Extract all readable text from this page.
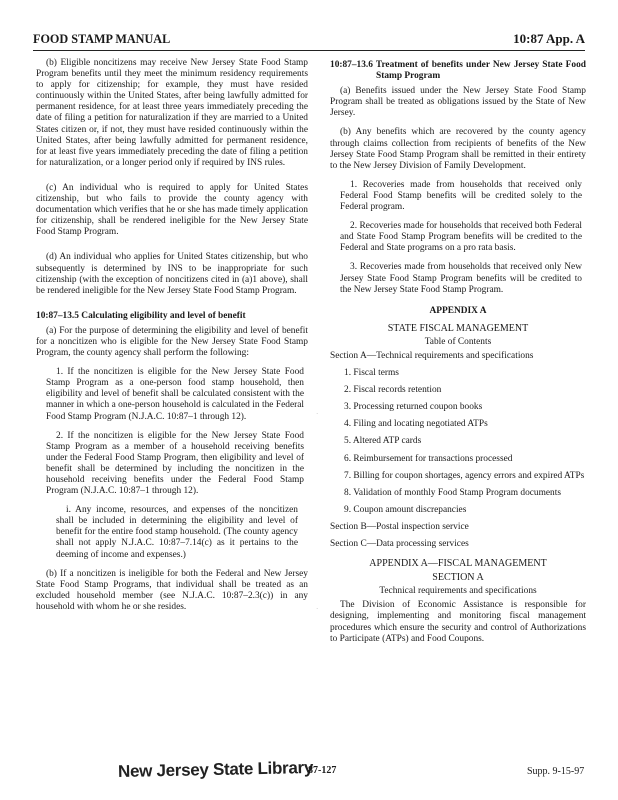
FOOD STAMP MANUAL	10:87 App. A

(b) Eligible noncitizens may receive New Jersey State Food Stamp Program benefits until they meet the minimum residency requirements to apply for citizenship; for example, they must have resided continuously within the United States, after being lawfully admitted for permanent residence, for at least three years immediately preceding the date of filing a petition for naturalization if they are married to a United States citizen or, if not, they must have resided continuously within the United States, after being lawfully admitted for permanent residence, for at least five years immediately preceding the date of filing a petition for naturalization, or a longer period only if required by INS rules.

(c) An individual who is required to apply for United States citizenship, but who fails to provide the county agency with documentation which verifies that he or she has made timely application for citizenship, shall be rendered ineligible for the New Jersey State Food Stamp Program.

(d) An individual who applies for United States citizenship, but who subsequently is determined by INS to be inappropriate for such citizenship (with the exception of noncitizens cited in (a)1 above), shall be rendered ineligible for the New Jersey State Food Stamp Program.

10:87–13.5 Calculating eligibility and level of benefit

(a) For the purpose of determining the eligibility and level of benefit for a noncitizen who is eligible for the New Jersey State Food Stamp Program, the county agency shall perform the following:

1. If the noncitizen is eligible for the New Jersey State Food Stamp Program as a one-person food stamp household, then eligibility and level of benefit shall be calculated consistent with the manner in which a one-person household is calculated in the Federal Food Stamp Program (N.J.A.C. 10:87–1 through 12).

2. If the noncitizen is eligible for the New Jersey State Food Stamp Program as a member of a household receiving benefits under the Federal Food Stamp Program, then eligibility and level of benefit shall be determined by including the noncitizen in the household receiving benefits under the Federal Food Stamp Program (N.J.A.C. 10:87–1 through 12).

i. Any income, resources, and expenses of the noncitizen shall be included in determining the eligibility and level of benefit for the entire food stamp household. (The county agency shall not apply N.J.A.C. 10:87–7.14(c) as it pertains to the deeming of income and expenses.)

(b) If a noncitizen is ineligible for both the Federal and New Jersey State Food Stamp Programs, that individual shall be treated as an excluded household member (see N.J.A.C. 10:87–2.3(c)) in any household with whom he or she resides.

10:87–13.6 Treatment of benefits under New Jersey State Food Stamp Program

(a) Benefits issued under the New Jersey State Food Stamp Program shall be treated as obligations issued by the State of New Jersey.

(b) Any benefits which are recovered by the county agency through claims collection from recipients of benefits of the New Jersey State Food Stamp Program shall be remitted in their entirety to the New Jersey Division of Family Development.

1. Recoveries made from households that received only Federal Food Stamp benefits will be credited solely to the Federal program.

2. Recoveries made for households that received both Federal and State Food Stamp Program benefits will be credited to the Federal and State programs on a pro rata basis.

3. Recoveries made from households that received only New Jersey State Food Stamp Program benefits will be credited to the New Jersey State Food Stamp Program.

APPENDIX A

STATE FISCAL MANAGEMENT

Table of Contents

Section A—Technical requirements and specifications

1. Fiscal terms

2. Fiscal records retention

3. Processing returned coupon books

4. Filing and locating negotiated ATPs

5. Altered ATP cards

6. Reimbursement for transactions processed

7. Billing for coupon shortages, agency errors and expired ATPs

8. Validation of monthly Food Stamp Program documents

9. Coupon amount discrepancies

Section B—Postal inspection service

Section C—Data processing services

APPENDIX A—FISCAL MANAGEMENT

SECTION A

Technical requirements and specifications

The Division of Economic Assistance is responsible for designing, implementing and monitoring fiscal management procedures which ensure the security and control of Authorizations to Participate (ATPs) and Food Coupons.

·
·
New Jersey State Library
87-127	Supp. 9-15-97
